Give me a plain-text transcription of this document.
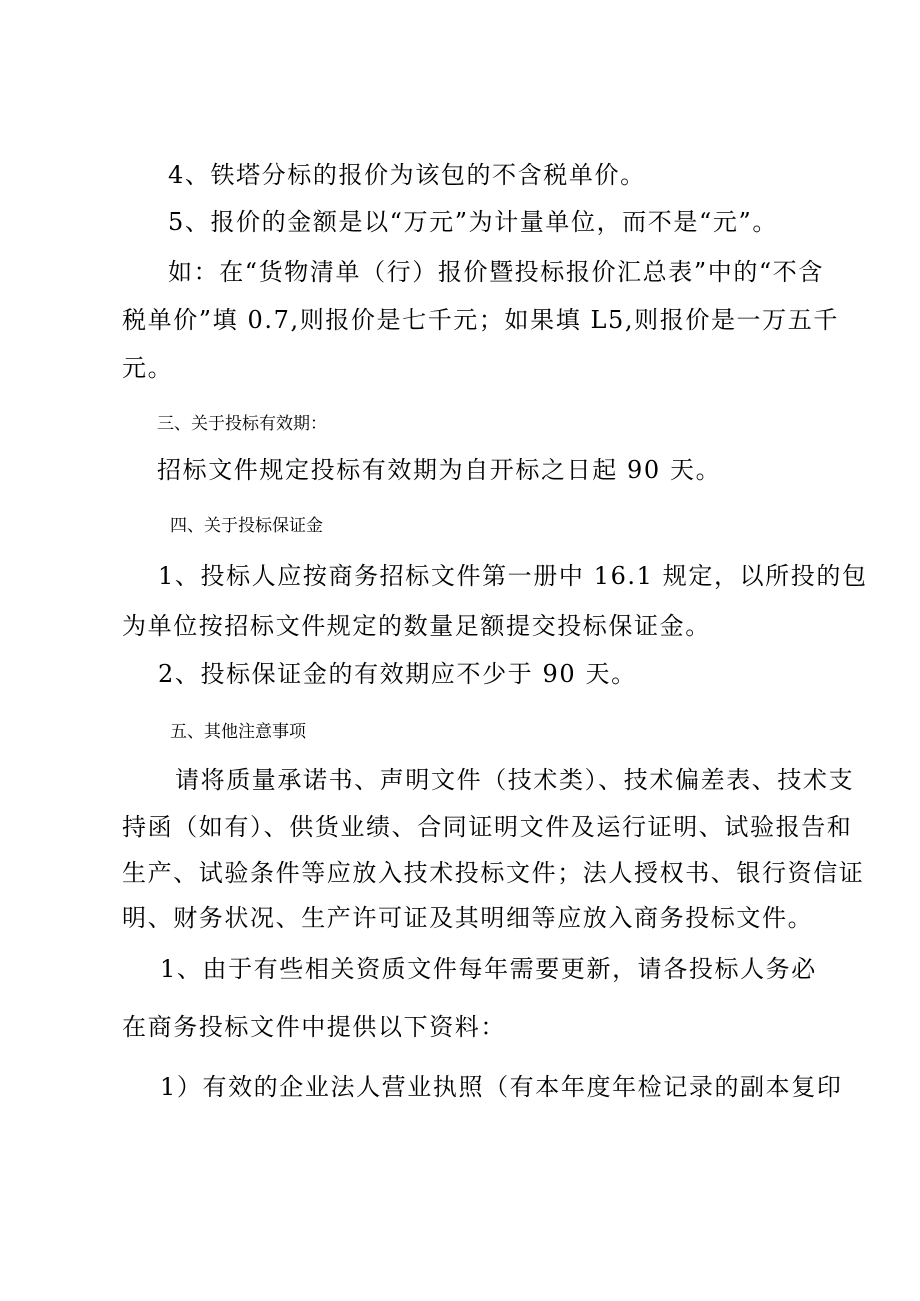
4、铁塔分标的报价为该包的不含税单价。

5、报价的金额是以“万元”为计量单位，而不是“元”。

如：在“货物清单（行）报价暨投标报价汇总表”中的“不含

税单价”填 0.7,则报价是七千元；如果填 L5,则报价是一万五千

元。

三、关于投标有效期：

招标文件规定投标有效期为自开标之日起 90 天。

四、关于投标保证金

1、投标人应按商务招标文件第一册中 16.1 规定，以所投的包

为单位按招标文件规定的数量足额提交投标保证金。

2、投标保证金的有效期应不少于 90 天。

五、其他注意事项

请将质量承诺书、声明文件（技术类）、技术偏差表、技术支

持函（如有）、供货业绩、合同证明文件及运行证明、试验报告和

生产、试验条件等应放入技术投标文件；法人授权书、银行资信证

明、财务状况、生产许可证及其明细等应放入商务投标文件。

1、由于有些相关资质文件每年需要更新，请各投标人务必

在商务投标文件中提供以下资料：

1）有效的企业法人营业执照（有本年度年检记录的副本复印
